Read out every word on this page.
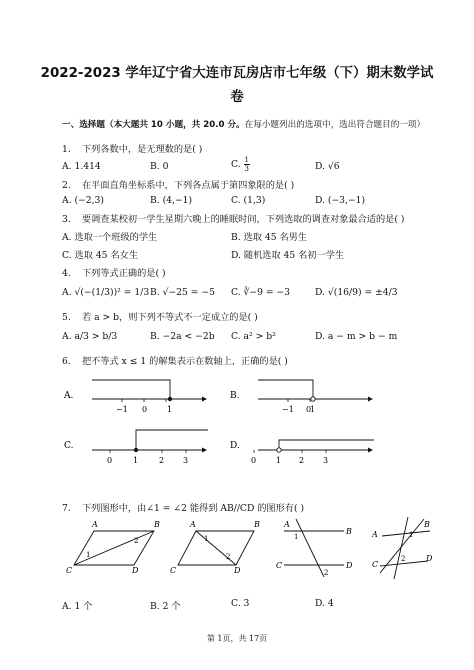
2022-2023 学年辽宁省大连市瓦房店市七年级（下）期末数学试
卷
一、选择题（本大题共 10 小题，共 20.0 分。在每小题列出的选项中，选出符合题目的一项）
1. 下列各数中，是无理数的是( )
A. 1.414	B. 0	C. $\frac{1}{3}$	D. √6
2. 在平面直角坐标系中，下列各点属于第四象限的是( )
A. (−2,3)	B. (4,−1)	C. (1,3)	D. (−3,−1)
3. 要调查某校初一学生星期六晚上的睡眠时间，下列选取的调查对象最合适的是( )
A. 选取一个班级的学生	B. 选取 45 名男生
C. 选取 45 名女生	D. 随机选取 45 名初一学生
4. 下列等式正确的是( )
A. √(−(1/3))² = 1/3 B. √−25 = −5 C. ∛−9 = −3	D. √(16/9) = ±4/3
5. 若 a > b，则下列不等式不一定成立的是( )
A. a/3 > b/3	B. −2a < −2b C. a² > b²	D. a − m > b − m
6. 把不等式 x ≤ 1 的解集表示在数轴上，正确的是( )
A.
−1 0 1
B.
−1 0
1
C.
0	1	2 3
D.
0 1 2 3
7. 下列图形中，由∠1 = ∠2 能得到 AB//CD 的图形有( )
A	B
C	D
1
2
A	B
C	D
1
2
A
B
C	D
1
2
B
A
C
D
1
2
A. 1 个	B. 2 个	C. 3	D. 4
第 1页，共 17页
